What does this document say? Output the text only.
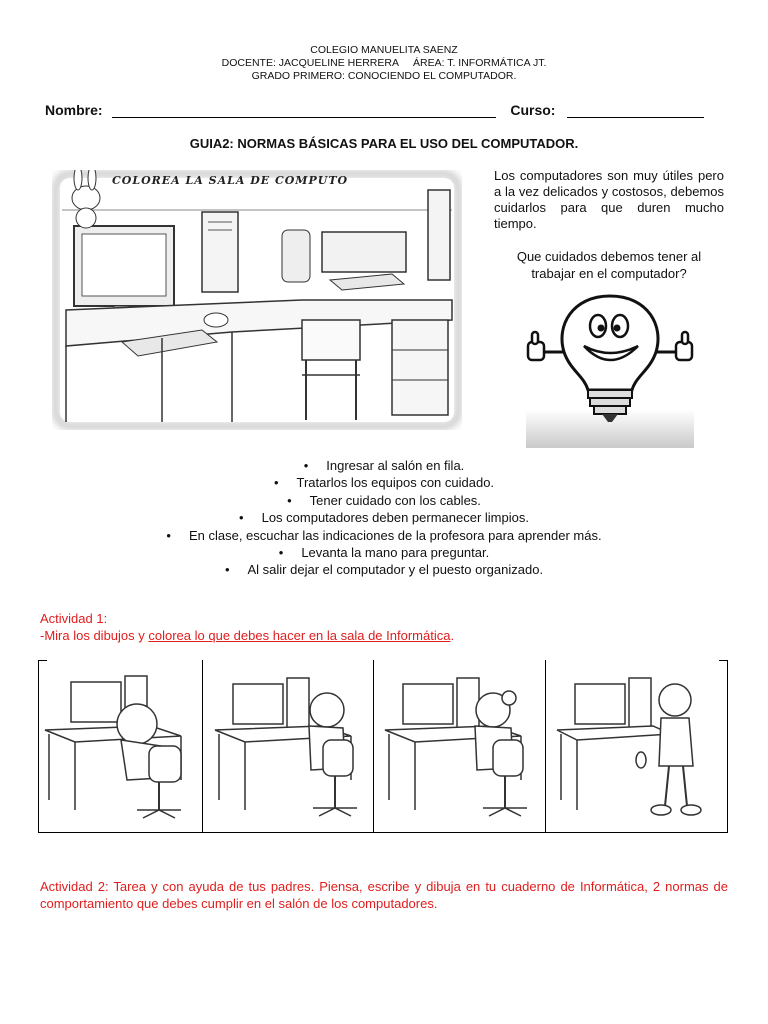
COLEGIO MANUELITA SAENZ
DOCENTE: JACQUELINE HERRERA     ÁREA: T. INFORMÁTICA JT.
GRADO PRIMERO: CONOCIENDO EL COMPUTADOR.
Nombre:	Curso:
GUIA2: NORMAS BÁSICAS PARA EL USO DEL COMPUTADOR.
COLOREA LA SALA DE COMPUTO	Los computadores son muy útiles pero a la vez delicados y costosos, debemos cuidarlos para que duren mucho tiempo.
Que cuidados debemos tener al trabajar en el computador?
• Ingresar al salón en fila.
• Tratarlos los equipos con cuidado.
• Tener cuidado con los cables.
• Los computadores deben permanecer limpios.
• En clase, escuchar las indicaciones de la profesora para aprender más.
• Levanta la mano para preguntar.
• Al salir dejar el computador y el puesto organizado.
Actividad 1:
-Mira los dibujos y colorea lo que debes hacer en la sala de Informática.
Actividad 2: Tarea y con ayuda de tus padres. Piensa, escribe y dibuja en tu cuaderno de Informática, 2 normas de comportamiento que debes cumplir en el salón de los computadores.
